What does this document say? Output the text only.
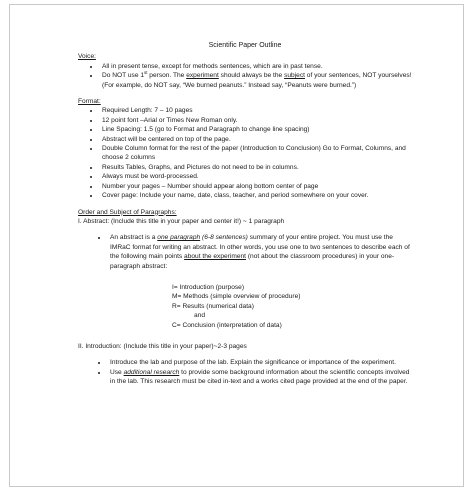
Scientific Paper Outline
Voice:
• All in present tense, except for methods sentences, which are in past tense.
• Do NOT use 1st person. The experiment should always be the subject of your sentences, NOT yourselves! (For example, do NOT say, “We burned peanuts.” Instead say, “Peanuts were burned.”)
Format:
• Required Length: 7 – 10 pages
• 12 point font –Arial or Times New Roman only.
• Line Spacing: 1.5 (go to Format and Paragraph to change line spacing)
• Abstract will be centered on top of the page.
• Double Column format for the rest of the paper (Introduction to Conclusion) Go to Format, Columns, and choose 2 columns
• Results Tables, Graphs, and Pictures do not need to be in columns.
• Always must be word-processed.
• Number your pages – Number should appear along bottom center of page
• Cover page: Include your name, date, class, teacher, and period somewhere on your cover.
Order and Subject of Paragraphs:
I. Abstract: (Include this title in your paper and center it!) ~ 1 paragraph
• An abstract is a one paragraph (6-8 sentences) summary of your entire project. You must use the IMRaC format for writing an abstract. In other words, you use one to two sentences to describe each of the following main points about the experiment (not about the classroom procedures) in your one-paragraph abstract:
I= Introduction (purpose)
M= Methods (simple overview of procedure)
R= Results (numerical data)
and
C= Conclusion (interpretation of data)
II. Introduction: (Include this title in your paper)~2-3 pages
• Introduce the lab and purpose of the lab. Explain the significance or importance of the experiment.
• Use additional research to provide some background information about the scientific concepts involved in the lab. This research must be cited in-text and a works cited page provided at the end of the paper.
